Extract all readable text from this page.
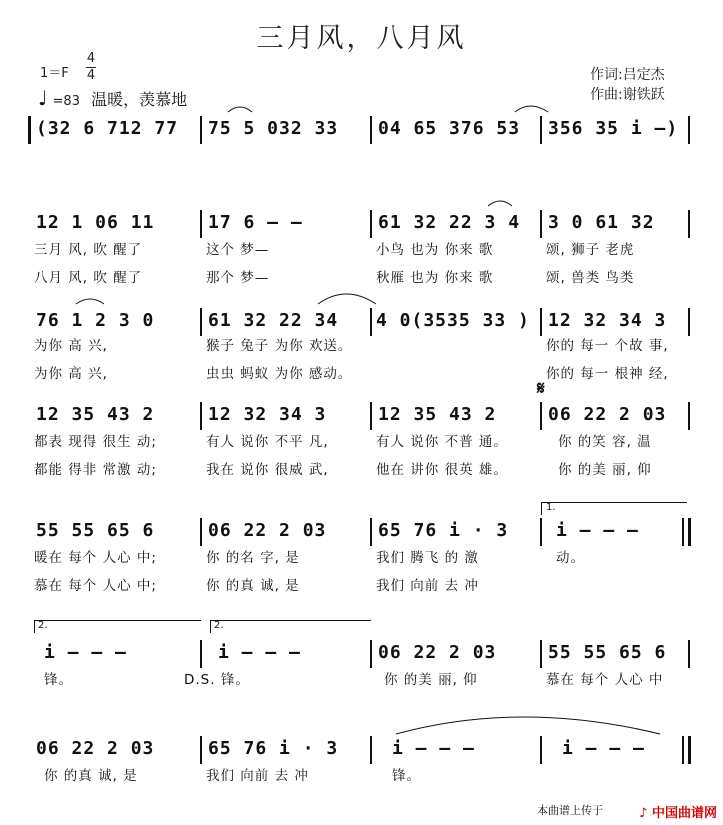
三月风，八月风
1＝F
4
4
♩ =83 温暖，羡慕地
作词:吕定杰
作曲:谢铁跃
(32 6 712 77 75 5 032 33 04 65 376 53 356 35 i –)
12 1 06 11	17 6 – –	61 32 22 3 4 3 0 61 32
三月 风, 吹 醒了	这个 梦—	小鸟 也为 你来 歌	颂, 狮子 老虎
八月 风, 吹 醒了	那个 梦—	秋雁 也为 你来 歌	颂, 兽类 鸟类
76 1 2 3 0	61 32 22 34 4 0(3535 33 ) 12 32 34 3
为你 高 兴,	猴子 兔子 为你 欢送。	你的 每一 个故 事,
为你 高 兴,	虫虫 蚂蚁 为你 感动。	你的 每一 根神 经,
𝄋
12 35 43 2	12 32 34 3	12 35 43 2	06 22 2 03
都表 现得 很生 动;	有人 说你 不平 凡,	有人 说你 不普 通。	你 的笑 容, 温
都能 得非 常激 动;	我在 说你 很威 武,	他在 讲你 很英 雄。	你 的美 丽, 仰
1.
55 55 65 6	06 22 2 03	65 76 i · 3	i – – –
暖在 每个 人心 中;	你 的名 字, 是	我们 腾飞 的 激	动。
慕在 每个 人心 中;	你 的真 诚, 是	我们 向前 去 冲
2.	2.
i – – –	i – – –	06 22 2 03	55 55 65 6
锋。	D.S. 锋。	你 的美 丽, 仰	慕在 每个 人心 中
06 22 2 03	65 76 i · 3	i – – –	i – – –
你 的真 诚, 是	我们 向前 去 冲	锋。
本曲谱上传于	♪ 中国曲谱网
